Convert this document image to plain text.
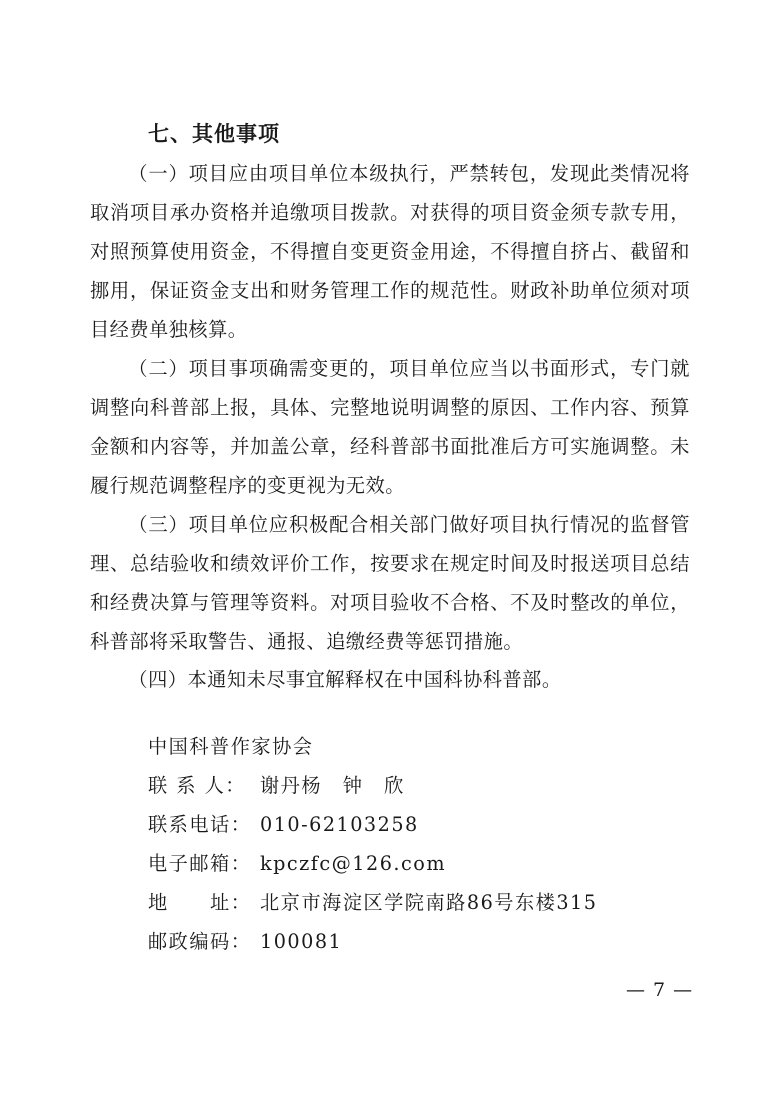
七、其他事项

（一）项目应由项目单位本级执行，严禁转包，发现此类情况将取消项目承办资格并追缴项目拨款。对获得的项目资金须专款专用，对照预算使用资金，不得擅自变更资金用途，不得擅自挤占、截留和挪用，保证资金支出和财务管理工作的规范性。财政补助单位须对项目经费单独核算。

（二）项目事项确需变更的，项目单位应当以书面形式，专门就调整向科普部上报，具体、完整地说明调整的原因、工作内容、预算金额和内容等，并加盖公章，经科普部书面批准后方可实施调整。未履行规范调整程序的变更视为无效。

（三）项目单位应积极配合相关部门做好项目执行情况的监督管理、总结验收和绩效评价工作，按要求在规定时间及时报送项目总结和经费决算与管理等资料。对项目验收不合格、不及时整改的单位，科普部将采取警告、通报、追缴经费等惩罚措施。

（四）本通知未尽事宜解释权在中国科协科普部。

中国科普作家协会
联 系 人： 谢丹杨　钟　欣
联系电话： 010-62103258
电子邮箱： kpczfc@126.com
地　　址： 北京市海淀区学院南路86号东楼315
邮政编码： 100081
— 7 —
